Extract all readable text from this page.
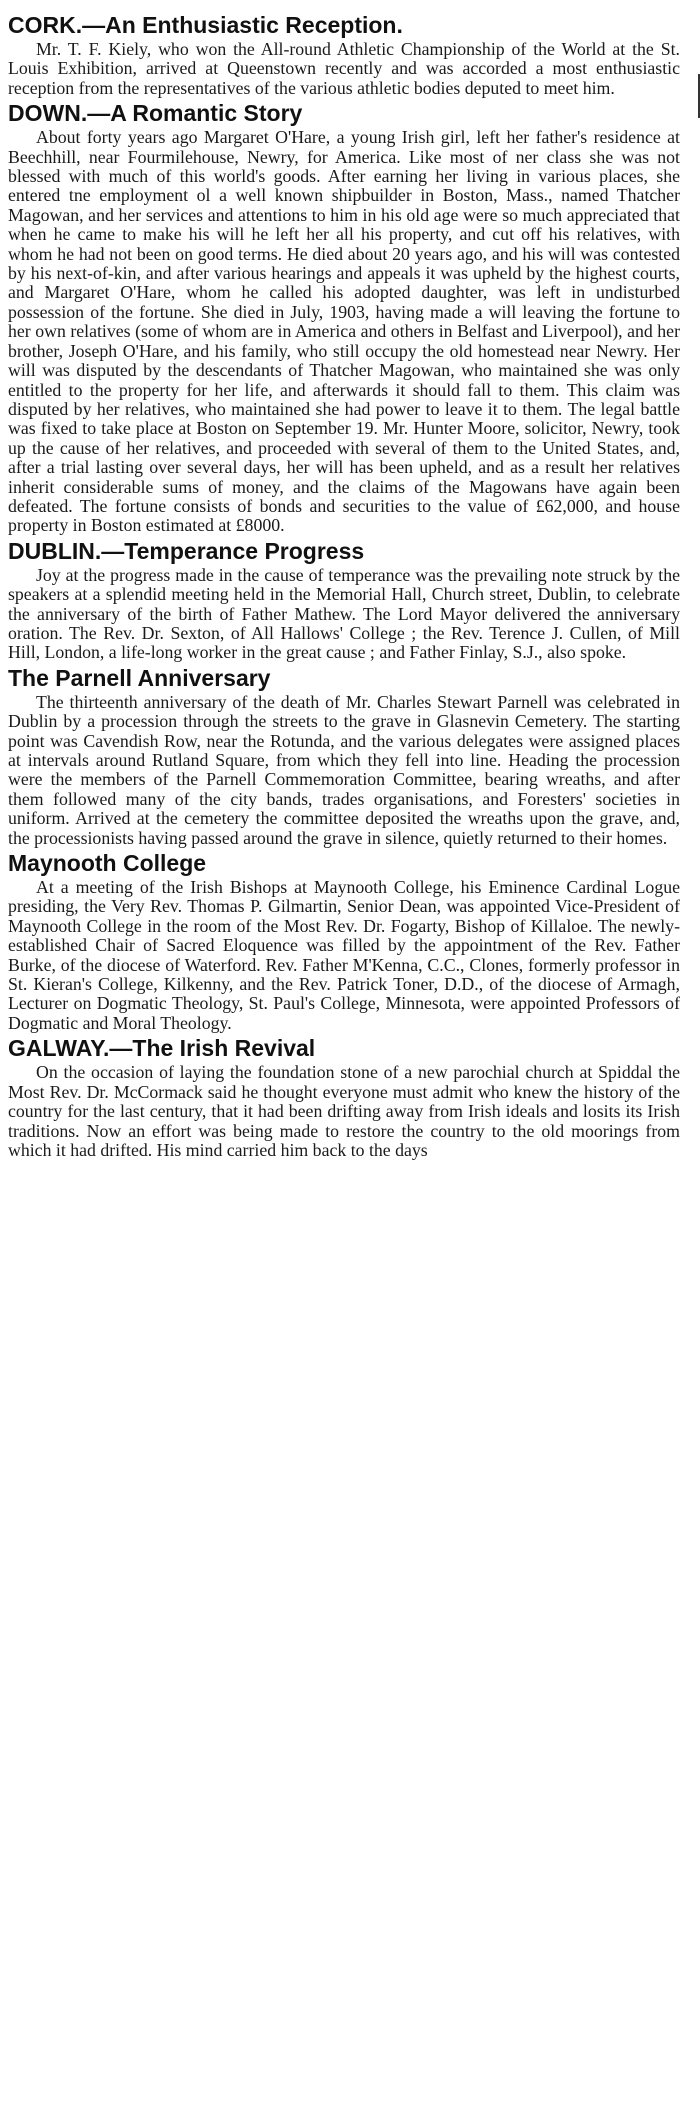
CORK.—An Enthusiastic Reception.

Mr. T. F. Kiely, who won the All-round Athletic Championship of the World at the St. Louis Exhibition, arrived at Queenstown recently and was accorded a most enthusiastic reception from the representatives of the various athletic bodies deputed to meet him.

DOWN.—A Romantic Story

About forty years ago Margaret O'Hare, a young Irish girl, left her father's residence at Beechhill, near Fourmilehouse, Newry, for America. Like most of ner class she was not blessed with much of this world's goods. After earning her living in various places, she entered tne employment ol a well known shipbuilder in Boston, Mass., named Thatcher Magowan, and her services and attentions to him in his old age were so much appreciated that when he came to make his will he left her all his property, and cut off his relatives, with whom he had not been on good terms. He died about 20 years ago, and his will was contested by his next-of-kin, and after various hearings and appeals it was upheld by the highest courts, and Margaret O'Hare, whom he called his adopted daughter, was left in undisturbed possession of the fortune. She died in July, 1903, having made a will leaving the fortune to her own relatives (some of whom are in America and others in Belfast and Liverpool), and her brother, Joseph O'Hare, and his family, who still occupy the old homestead near Newry. Her will was disputed by the descendants of Thatcher Magowan, who maintained she was only entitled to the property for her life, and afterwards it should fall to them. This claim was disputed by her relatives, who maintained she had power to leave it to them. The legal battle was fixed to take place at Boston on September 19. Mr. Hunter Moore, solicitor, Newry, took up the cause of her relatives, and proceeded with several of them to the United States, and, after a trial lasting over several days, her will has been upheld, and as a result her relatives inherit considerable sums of money, and the claims of the Magowans have again been defeated. The fortune consists of bonds and securities to the value of £62,000, and house property in Boston estimated at £8000.

DUBLIN.—Temperance Progress

Joy at the progress made in the cause of temperance was the prevailing note struck by the speakers at a splendid meeting held in the Memorial Hall, Church street, Dublin, to celebrate the anniversary of the birth of Father Mathew. The Lord Mayor delivered the anniversary oration. The Rev. Dr. Sexton, of All Hallows' College ; the Rev. Terence J. Cullen, of Mill Hill, London, a life-long worker in the great cause ; and Father Finlay, S.J., also spoke.

The Parnell Anniversary

The thirteenth anniversary of the death of Mr. Charles Stewart Parnell was celebrated in Dublin by a procession through the streets to the grave in Glasnevin Cemetery. The starting point was Cavendish Row, near the Rotunda, and the various delegates were assigned places at intervals around Rutland Square, from which they fell into line. Heading the procession were the members of the Parnell Commemoration Committee, bearing wreaths, and after them followed many of the city bands, trades organisations, and Foresters' societies in uniform. Arrived at the cemetery the committee deposited the wreaths upon the grave, and, the processionists having passed around the grave in silence, quietly returned to their homes.

Maynooth College

At a meeting of the Irish Bishops at Maynooth College, his Eminence Cardinal Logue presiding, the Very Rev. Thomas P. Gilmartin, Senior Dean, was appointed Vice-President of Maynooth College in the room of the Most Rev. Dr. Fogarty, Bishop of Killaloe. The newly-established Chair of Sacred Eloquence was filled by the appointment of the Rev. Father Burke, of the diocese of Waterford. Rev. Father M'Kenna, C.C., Clones, formerly professor in St. Kieran's College, Kilkenny, and the Rev. Patrick Toner, D.D., of the diocese of Armagh, Lecturer on Dogmatic Theology, St. Paul's College, Minnesota, were appointed Professors of Dogmatic and Moral Theology.

GALWAY.—The Irish Revival

On the occasion of laying the foundation stone of a new parochial church at Spiddal the Most Rev. Dr. McCormack said he thought everyone must admit who knew the history of the country for the last century, that it had been drifting away from Irish ideals and losits its Irish traditions. Now an effort was being made to restore the country to the old moorings from which it had drifted. His mind carried him back to the days
